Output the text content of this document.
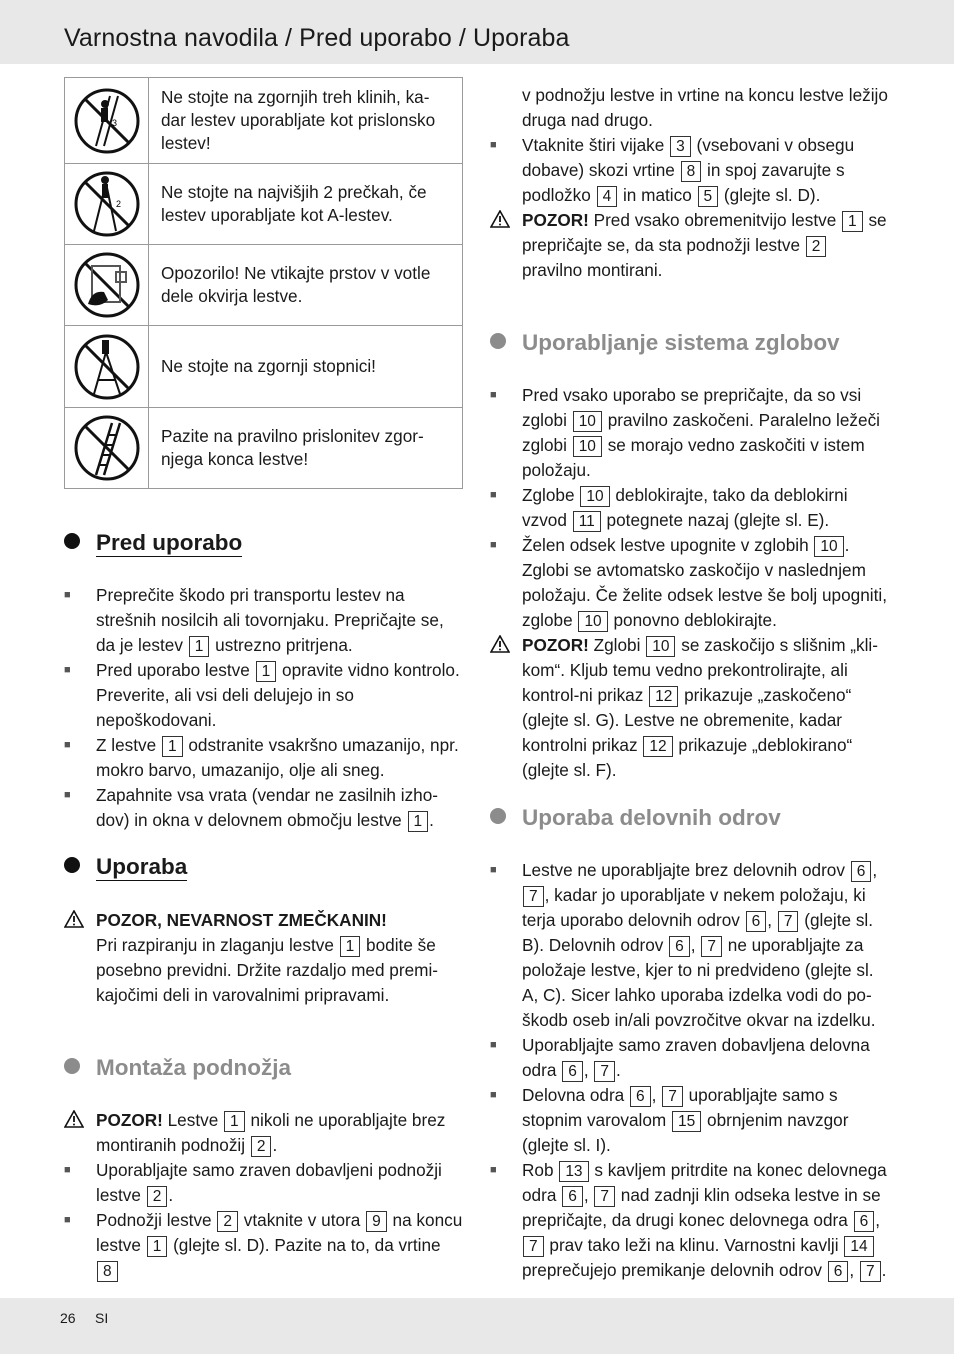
Varnostna navodila / Pred uporabo / Uporaba
3	Ne stojte na zgornjih treh klinih, ka-dar lestev uporabljate kot prislonsko lestev!

2	Ne stojte na najvišjih 2 prečkah, če lestev uporabljate kot A-lestev.

	Opozorilo! Ne vtikajte prstov v votle dele okvirja lestve.

	Ne stojte na zgornji stopnici!

	Pazite na pravilno prislonitev zgor-njega konca lestve!
Pred uporabo
■ Preprečite škodo pri transportu lestev na strešnih nosilcih ali tovornjaku. Prepričajte se, da je lestev 1 ustrezno pritrjena.
■ Pred uporabo lestve 1 opravite vidno kontrolo. Preverite, ali vsi deli delujejo in so nepoškodovani.
■ Z lestve 1 odstranite vsakršno umazanijo, npr. mokro barvo, umazanijo, olje ali sneg.
■ Zapahnite vsa vrata (vendar ne zasilnih izho-dov) in okna v delovnem območju lestve 1 .
Uporaba
POZOR, NEVARNOST ZMEČKANIN!
Pri razpiranju in zlaganju lestve 1 bodite še posebno previdni. Držite razdaljo med premi-kajočimi deli in varovalnimi pripravami.
Montaža podnožja
POZOR! Lestve 1 nikoli ne uporabljajte brez montiranih podnožij 2 .
■ Uporabljajte samo zraven dobavljeni podnožji lestve 2 .
■ Podnožji lestve 2 vtaknite v utora 9 na koncu lestve 1 (glejte sl. D). Pazite na to, da vrtine 8
v podnožju lestve in vrtine na koncu lestve ležijo druga nad drugo.
■ Vtaknite štiri vijake 3 (vsebovani v obsegu dobave) skozi vrtine 8 in spoj zavarujte s podložko 4 in matico 5 (glejte sl. D).
POZOR! Pred vsako obremenitvijo lestve 1 se prepričajte se, da sta podnožji lestve 2 pravilno montirani.
Uporabljanje sistema zglobov
■ Pred vsako uporabo se prepričajte, da so vsi zglobi 10 pravilno zaskočeni. Paralelno ležeči zglobi 10 se morajo vedno zaskočiti v istem položaju.
■ Zglobe 10 deblokirajte, tako da deblokirni vzvod 11 potegnete nazaj (glejte sl. E).
■ Želen odsek lestve upognite v zglobih 10 . Zglobi se avtomatsko zaskočijo v naslednjem položaju. Če želite odsek lestve še bolj upogniti, zglobe 10 ponovno deblokirajte.
POZOR! Zglobi 10 se zaskočijo s slišnim „kli-kom“. Kljub temu vedno prekontrolirajte, ali kontrol-ni prikaz 12 prikazuje „zaskočeno“ (glejte sl. G). Lestve ne obremenite, kadar kontrolni prikaz 12 prikazuje „deblokirano“ (glejte sl. F).
Uporaba delovnih odrov
■ Lestve ne uporabljajte brez delovnih odrov 6 , 7 , kadar jo uporabljate v nekem položaju, ki terja uporabo delovnih odrov 6 , 7 (glejte sl. B). Delovnih odrov 6 , 7 ne uporabljajte za položaje lestve, kjer to ni predvideno (glejte sl. A, C). Sicer lahko uporaba izdelka vodi do po-škodb oseb in/ali povzročitve okvar na izdelku.
■ Uporabljajte samo zraven dobavljena delovna odra 6 , 7 .
■ Delovna odra 6 , 7 uporabljajte samo s stopnim varovalom 15 obrnjenim navzgor (glejte sl. I).
■ Rob 13 s kavljem pritrdite na konec delovnega odra 6 , 7 nad zadnji klin odseka lestve in se prepričajte, da drugi konec delovnega odra 6 , 7 prav tako leži na klinu. Varnostni kavlji 14 preprečujejo premikanje delovnih odrov 6 , 7 .
26 SI
